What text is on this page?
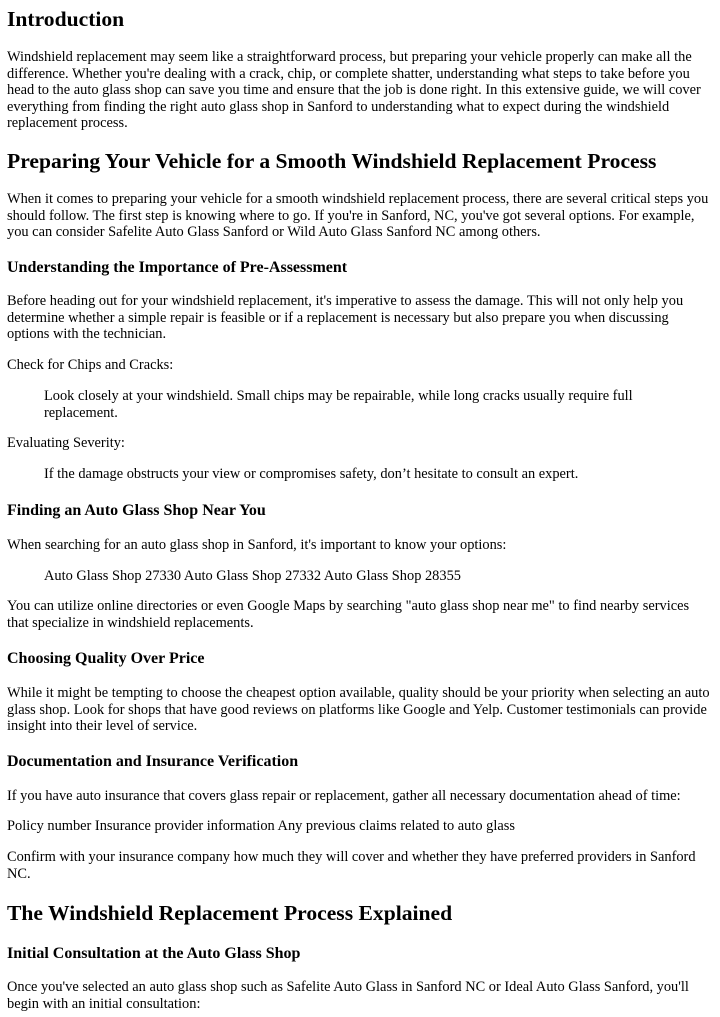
Introduction

Windshield replacement may seem like a straightforward process, but preparing your vehicle properly can make all the difference. Whether you're dealing with a crack, chip, or complete shatter, understanding what steps to take before you head to the auto glass shop can save you time and ensure that the job is done right. In this extensive guide, we will cover everything from finding the right auto glass shop in Sanford to understanding what to expect during the windshield replacement process.

Preparing Your Vehicle for a Smooth Windshield Replacement Process

When it comes to preparing your vehicle for a smooth windshield replacement process, there are several critical steps you should follow. The first step is knowing where to go. If you're in Sanford, NC, you've got several options. For example, you can consider Safelite Auto Glass Sanford or Wild Auto Glass Sanford NC among others.

Understanding the Importance of Pre-Assessment

Before heading out for your windshield replacement, it's imperative to assess the damage. This will not only help you determine whether a simple repair is feasible or if a replacement is necessary but also prepare you when discussing options with the technician.

Check for Chips and Cracks:

Look closely at your windshield. Small chips may be repairable, while long cracks usually require full replacement.

Evaluating Severity:

If the damage obstructs your view or compromises safety, don’t hesitate to consult an expert.

Finding an Auto Glass Shop Near You

When searching for an auto glass shop in Sanford, it's important to know your options:

Auto Glass Shop 27330 Auto Glass Shop 27332 Auto Glass Shop 28355

You can utilize online directories or even Google Maps by searching "auto glass shop near me" to find nearby services that specialize in windshield replacements.

Choosing Quality Over Price

While it might be tempting to choose the cheapest option available, quality should be your priority when selecting an auto glass shop. Look for shops that have good reviews on platforms like Google and Yelp. Customer testimonials can provide insight into their level of service.

Documentation and Insurance Verification

If you have auto insurance that covers glass repair or replacement, gather all necessary documentation ahead of time:

Policy number Insurance provider information Any previous claims related to auto glass

Confirm with your insurance company how much they will cover and whether they have preferred providers in Sanford NC.

The Windshield Replacement Process Explained
Initial Consultation at the Auto Glass Shop

Once you've selected an auto glass shop such as Safelite Auto Glass in Sanford NC or Ideal Auto Glass Sanford, you'll begin with an initial consultation:
